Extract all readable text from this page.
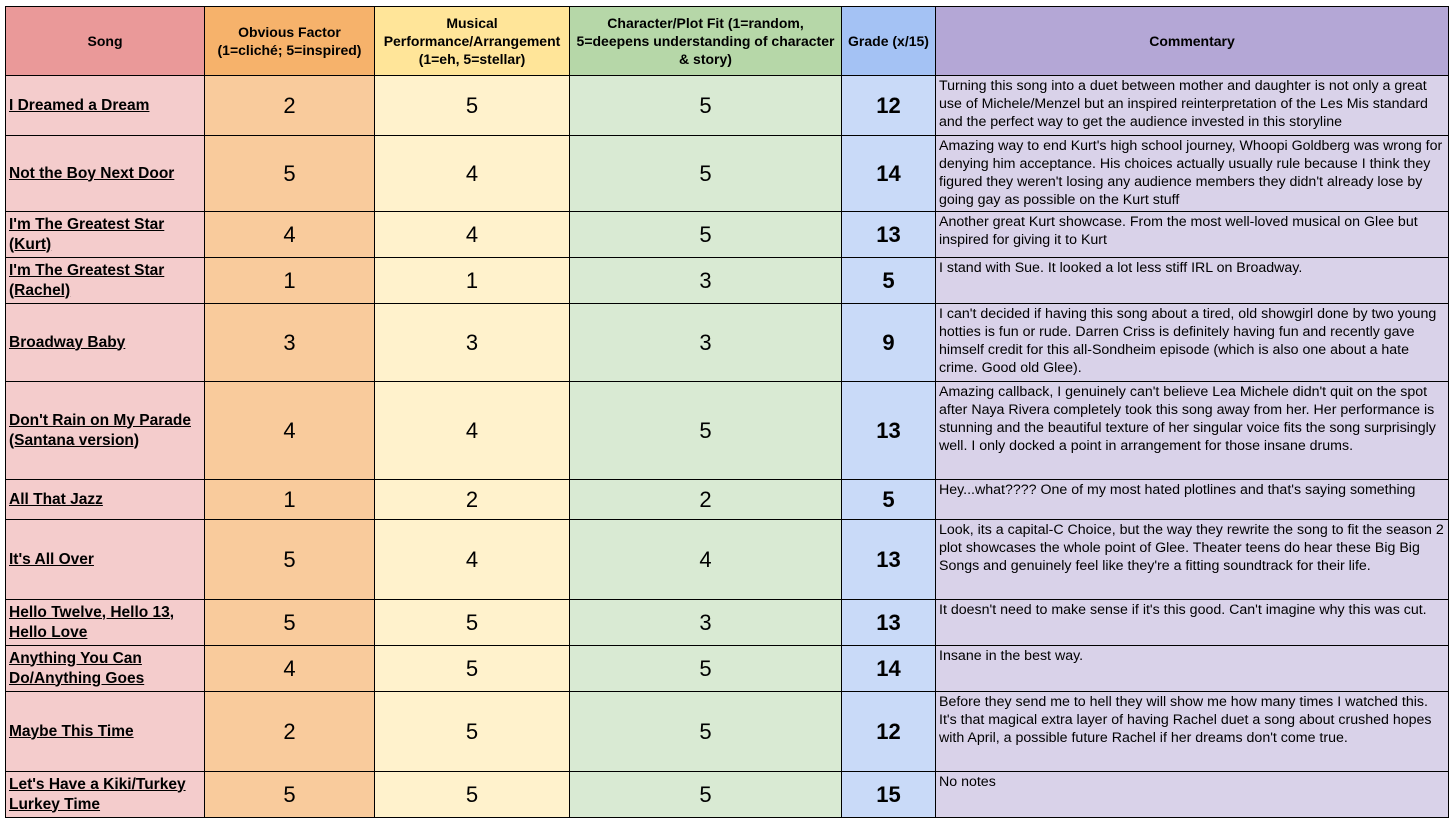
Song	Obvious Factor (1=cliché; 5=inspired)	Musical Performance/Arrangement (1=eh, 5=stellar)	Character/Plot Fit (1=random, 5=deepens understanding of character & story)	Grade (x/15)	Commentary
I Dreamed a Dream	2	5	5	12	Turning this song into a duet between mother and daughter is not only a great use of Michele/Menzel but an inspired reinterpretation of the Les Mis standard and the perfect way to get the audience invested in this storyline
Not the Boy Next Door	5	4	5	14	Amazing way to end Kurt's high school journey, Whoopi Goldberg was wrong for denying him acceptance. His choices actually usually rule because I think they figured they weren't losing any audience members they didn't already lose by going gay as possible on the Kurt stuff
I'm The Greatest Star (Kurt)	4	4	5	13	Another great Kurt showcase. From the most well-loved musical on Glee but inspired for giving it to Kurt
I'm The Greatest Star (Rachel)	1	1	3	5	I stand with Sue. It looked a lot less stiff IRL on Broadway.
Broadway Baby	3	3	3	9	I can't decided if having this song about a tired, old showgirl done by two young hotties is fun or rude. Darren Criss is definitely having fun and recently gave himself credit for this all-Sondheim episode (which is also one about a hate crime. Good old Glee).
Don't Rain on My Parade (Santana version)	4	4	5	13	Amazing callback, I genuinely can't believe Lea Michele didn't quit on the spot after Naya Rivera completely took this song away from her. Her performance is stunning and the beautiful texture of her singular voice fits the song surprisingly well. I only docked a point in arrangement for those insane drums.
All That Jazz	1	2	2	5	Hey...what???? One of my most hated plotlines and that's saying something
It's All Over	5	4	4	13	Look, its a capital-C Choice, but the way they rewrite the song to fit the season 2 plot showcases the whole point of Glee. Theater teens do hear these Big Big Songs and genuinely feel like they're a fitting soundtrack for their life.
Hello Twelve, Hello 13, Hello Love	5	5	3	13	It doesn't need to make sense if it's this good. Can't imagine why this was cut.
Anything You Can Do/Anything Goes	4	5	5	14	Insane in the best way.
Maybe This Time	2	5	5	12	Before they send me to hell they will show me how many times I watched this. It's that magical extra layer of having Rachel duet a song about crushed hopes with April, a possible future Rachel if her dreams don't come true.
Let's Have a Kiki/Turkey Lurkey Time	5	5	5	15	No notes
